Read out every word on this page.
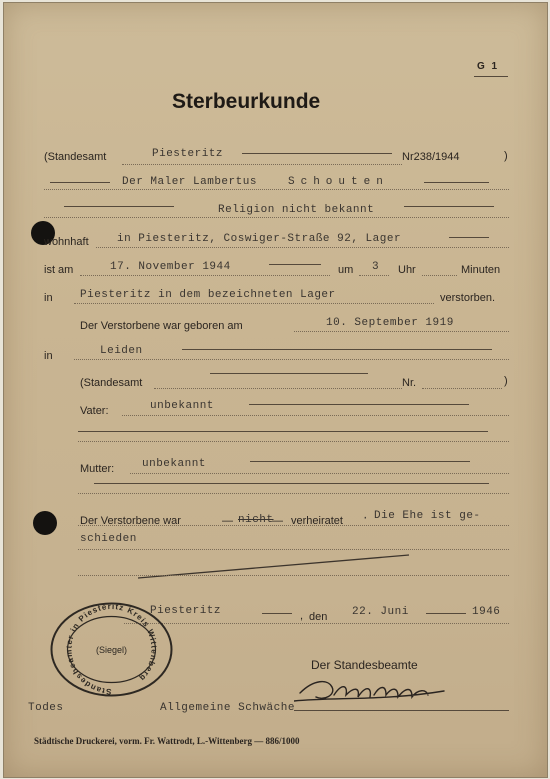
G 1
Sterbeurkunde
(Standesamt	Piesteritz	Nr238/1944	)
Der Maler Lambertus	Schouten
Religion nicht bekannt
wohnhaft	in Piesteritz, Coswiger-Straße 92, Lager
ist am	17. November 1944	um 3 Uhr	Minuten
in Piesteritz in dem bezeichneten Lager	verstorben.
Der Verstorbene war geboren am	10. September 1919
in	Leiden
(Standesamt	Nr.	)
Vater:	unbekannt
Mutter:	unbekannt
Der Verstorbene war	— nicht
— verheiratet · Die Ehe ist ge-
schieden
Piesteritz	, den 22. Juni	1946
Der Standesbeamte
Standesbeamter in Piesteritz Kreis Wittenberg
(Siegel)
Todes	Allgemeine Schwäche
Städtische Druckerei, vorm. Fr. Wattrodt, L.-Wittenberg — 886/1000
